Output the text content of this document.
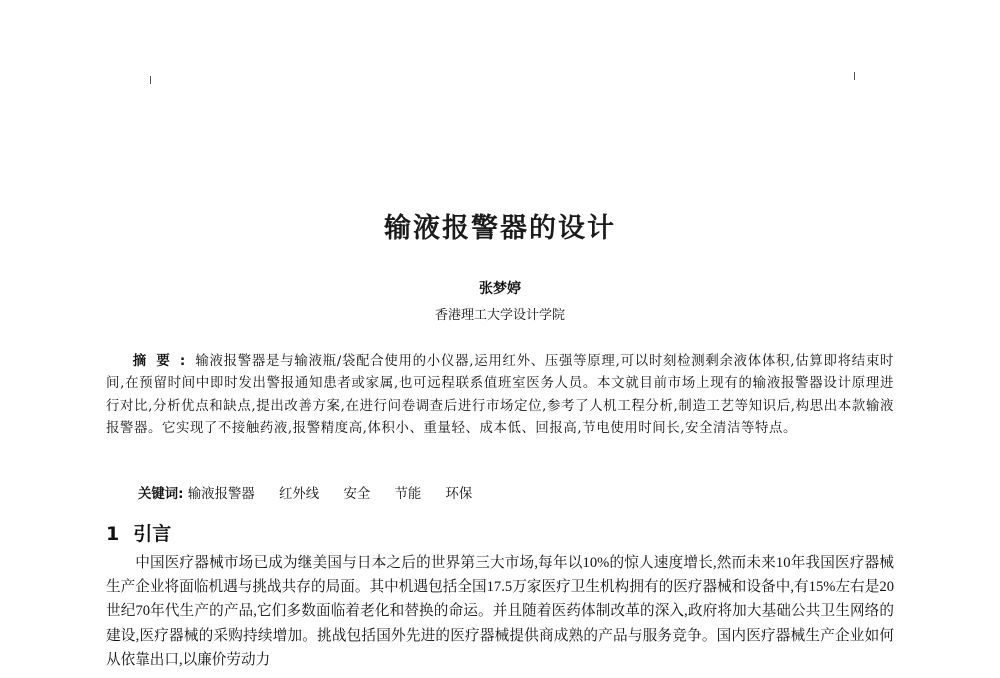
输液报警器的设计
张梦婷
香港理工大学设计学院

摘要:输液报警器是与输液瓶/袋配合使用的小仪器,运用红外、压强等原理,可以时刻检测剩余液体体积,估算即将结束时间,在预留时间中即时发出警报通知患者或家属,也可远程联系值班室医务人员。本文就目前市场上现有的输液报警器设计原理进行对比,分析优点和缺点,提出改善方案,在进行问卷调查后进行市场定位,参考了人机工程分析,制造工艺等知识后,构思出本款输液报警器。它实现了不接触药液,报警精度高,体积小、重量轻、成本低、回报高,节电使用时间长,安全清洁等特点。

关键词: 输液报警器 红外线 安全 节能 环保
1 引言

中国医疗器械市场已成为继美国与日本之后的世界第三大市场,每年以10%的惊人速度增长,然而未来10年我国医疗器械生产企业将面临机遇与挑战共存的局面。其中机遇包括全国17.5万家医疗卫生机构拥有的医疗器械和设备中,有15%左右是20世纪70年代生产的产品,它们多数面临着老化和替换的命运。并且随着医药体制改革的深入,政府将加大基础公共卫生网络的建设,医疗器械的采购持续增加。挑战包括国外先进的医疗器械提供商成熟的产品与服务竞争。国内医疗器械生产企业如何从依靠出口,以廉价劳动力
